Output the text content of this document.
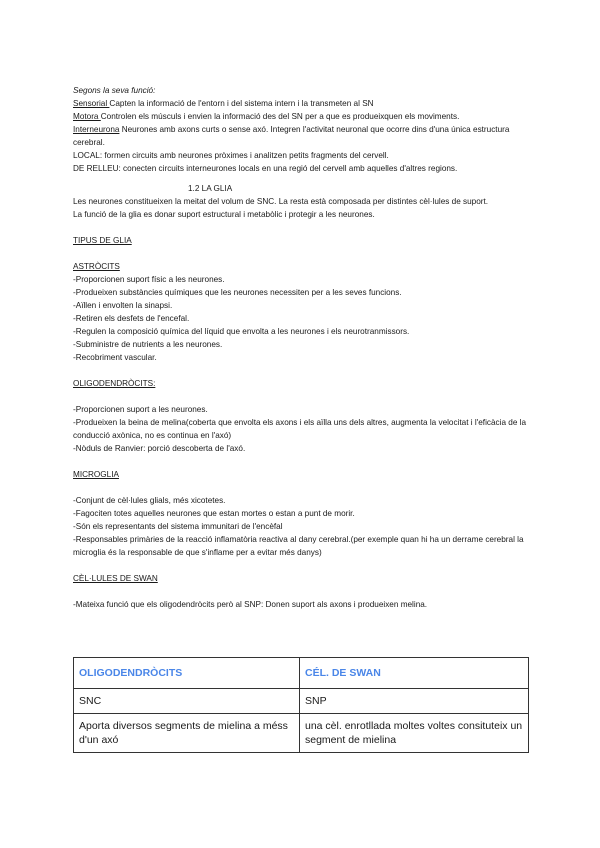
Segons la seva funció:

Sensorial Capten la informació de l'entorn i del sistema intern i la transmeten al SN

Motora Controlen els músculs i envien la informació des del SN per a que es produeixquen els moviments.

Interneurona Neurones amb axons curts o sense axó. Integren l'activitat neuronal que ocorre dins d'una única estructura cerebral.

LOCAL: formen circuits amb neurones pròximes i analitzen petits fragments del cervell.

DE RELLEU: conecten circuits interneurones locals en una regió del cervell amb aquelles d'altres regions.

1.2 LA GLIA

Les neurones constitueixen la meitat del volum de SNC. La resta està composada per distintes cèl·lules de suport.

La funció de la glia es donar suport estructural i metabòlic i protegir a les neurones.

TIPUS DE GLIA

ASTRÒCITS

-Proporcionen suport físic a les neurones.

-Produeixen substàncies químiques que les neurones necessiten per a les seves funcions.

-Aïllen i envolten la sinapsi.

-Retiren els desfets de l'encefal.

-Regulen la composició química del líquid que envolta a les neurones i els neurotranmissors.

-Subministre de nutrients a les neurones.

-Recobriment vascular.

OLIGODENDRÒCITS:

-Proporcionen suport a les neurones.

-Produeixen la beina de melina(coberta que envolta els axons i els aïlla uns dels altres, augmenta la velocitat i l'eficàcia de la conducció axònica, no es continua en l'axó)

-Nòduls de Ranvier: porció descoberta de l'axó.

MICROGLIA

-Conjunt de cèl·lules glials, més xicotetes.

-Fagociten totes aquelles neurones que estan mortes o estan a punt de morir.

-Són els representants del sistema immunitari de l'encèfal

-Responsables primàries de la reacció inflamatòria reactiva al dany cerebral.(per exemple quan hi ha un derrame cerebral la microglia és la responsable de que s'inflame per a evitar més danys)

CÈL·LULES DE SWAN

-Mateixa funció que els oligodendròcits però al SNP: Donen suport als axons i produeixen melina.

OLIGODENDRÒCITS	CÉL. DE SWAN
SNC	SNP
Aporta diversos segments de mielina a méss d'un axó	una cèl. enrotllada moltes voltes consituteix un segment de mielina
